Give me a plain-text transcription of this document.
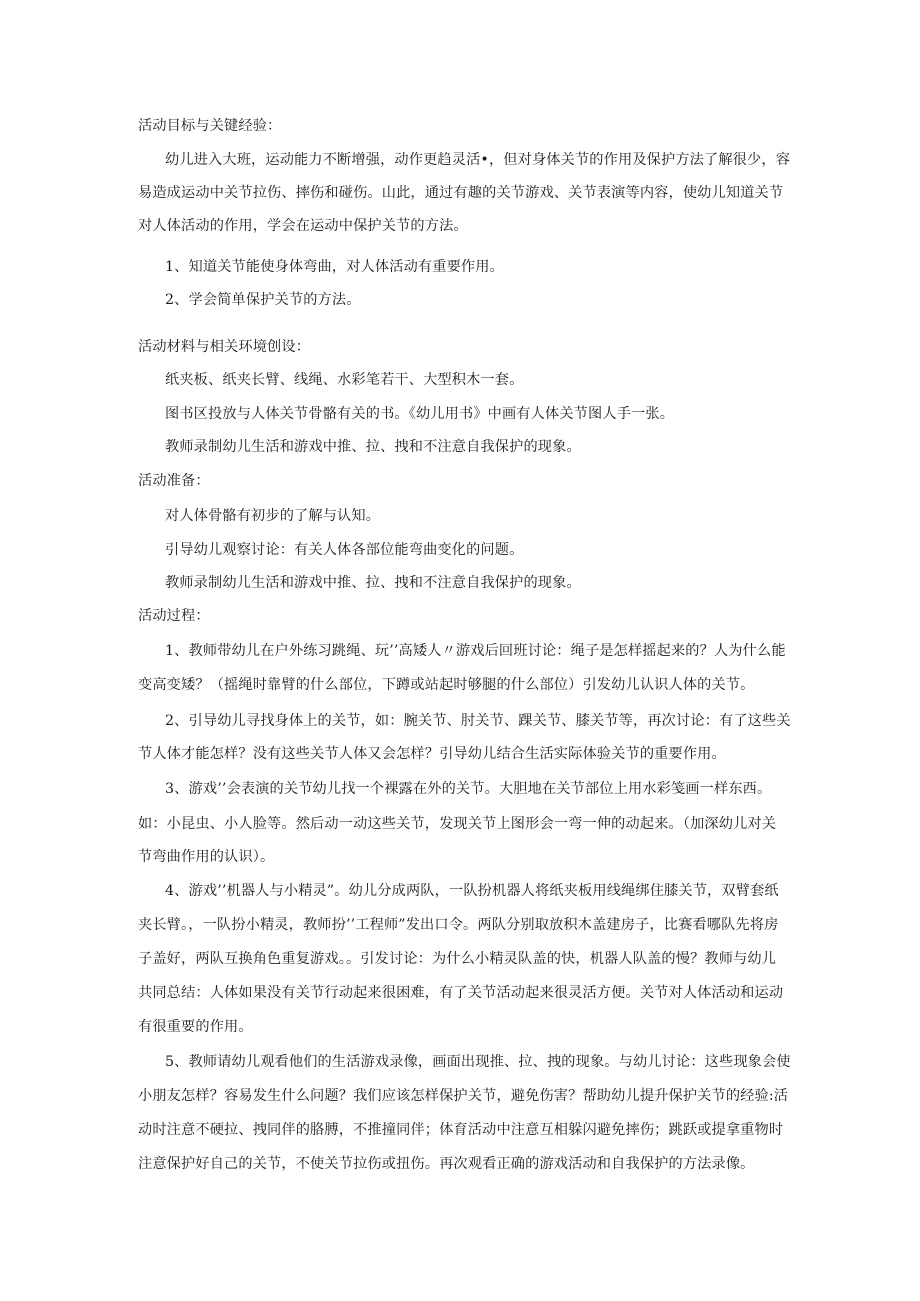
活动目标与关键经验：
幼儿进入大班，运动能力不断增强，动作更趋灵活•，但对身体关节的作用及保护方法了解很少，容
易造成运动中关节拉伤、摔伤和碰伤。山此，通过有趣的关节游戏、关节表演等内容，使幼儿知道关节
对人体活动的作用，学会在运动中保护关节的方法。
1、知道关节能使身体弯曲，对人体活动有重要作用。
2、学会简单保护关节的方法。
活动材料与相关环境创设：
纸夹板、纸夹长臂、线绳、水彩笔若干、大型积木一套。
图书区投放与人体关节骨骼有关的书。《幼儿用书》中画有人体关节图人手一张。
教师录制幼儿生活和游戏中推、拉、拽和不注意自我保护的现象。
活动准备：
对人体骨骼有初步的了解与认知。
引导幼儿观察讨论：有关人体各部位能弯曲变化的问题。
教师录制幼儿生活和游戏中推、拉、拽和不注意自我保护的现象。
活动过程：
1、教师带幼儿在户外练习跳绳、玩’’高矮人〃游戏后回班讨论：绳子是怎样摇起来的？人为什么能
变高变矮？（摇绳时靠臂的什么部位，下蹲或站起时够腿的什么部位）引发幼儿认识人体的关节。
2、引导幼儿寻找身体上的关节，如：腕关节、肘关节、踝关节、膝关节等，再次讨论：有了这些关
节人体才能怎样？没有这些关节人体又会怎样？引导幼儿结合生活实际体验关节的重要作用。
3、游戏’’会表演的关节幼儿找一个裸露在外的关节。大胆地在关节部位上用水彩笺画一样东西。
如：小昆虫、小人脸等。然后动一动这些关节，发现关节上图形会一弯一伸的动起来。（加深幼儿对关
节弯曲作用的认识）。
4、游戏’’机器人与小精灵”。幼儿分成两队，一队扮机器人将纸夹板用线绳绑住膝关节，双臂套纸
夹长臂。，一队扮小精灵，教师扮’’工程师”发出口令。两队分别取放积木盖建房子，比赛看哪队先将房
子盖好，两队互换角色重复游戏。。引发讨论：为什么小精灵队盖的快，机器人队盖的慢？教师与幼儿
共同总结：人体如果没有关节行动起来很困难，有了关节活动起来很灵活方便。关节对人体活动和运动
有很重要的作用。
5、教师请幼儿观看他们的生活游戏录像，画面出现推、拉、拽的现象。与幼儿讨论：这些现象会使
小朋友怎样？容易发生什么问题？我们应该怎样保护关节，避免伤害？帮助幼儿提升保护关节的经验:活
动时注意不硬拉、拽同伴的胳膊，不推撞同伴；体育活动中注意互相躲闪避免摔伤；跳跃或提拿重物时
注意保护好自己的关节，不使关节拉伤或扭伤。再次观看正确的游戏活动和自我保护的方法录像。
